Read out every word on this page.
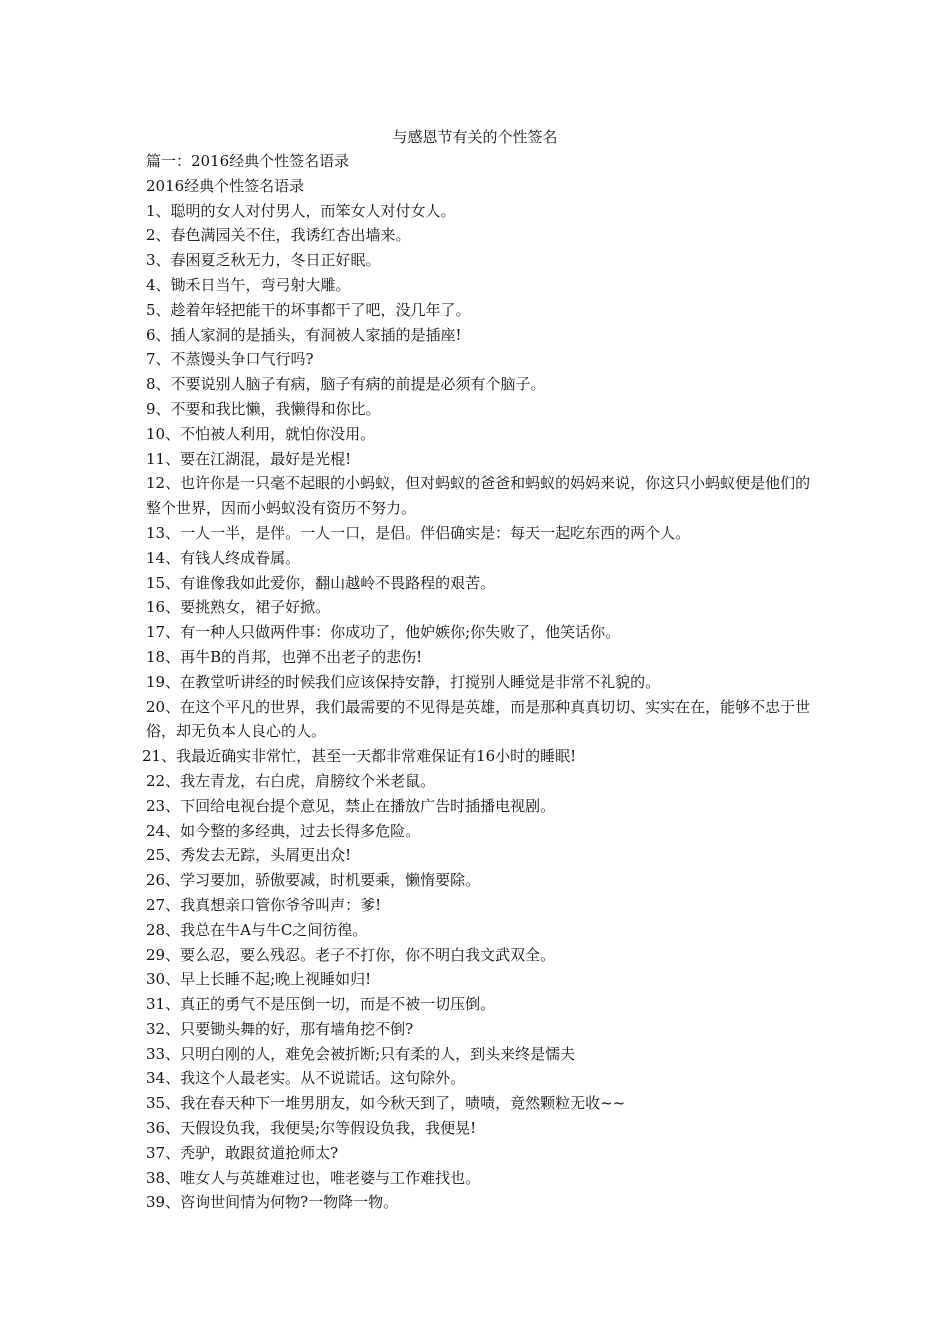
与感恩节有关的个性签名
篇一：2016经典个性签名语录
2016经典个性签名语录
1、聪明的女人对付男人，而笨女人对付女人。
2、春色满园关不住，我诱红杏出墙来。
3、春困夏乏秋无力，冬日正好眠。
4、锄禾日当午，弯弓射大雕。
5、趁着年轻把能干的坏事都干了吧，没几年了。
6、插人家洞的是插头，有洞被人家插的是插座!
7、不蒸馒头争口气行吗?
8、不要说别人脑子有病，脑子有病的前提是必须有个脑子。
9、不要和我比懒，我懒得和你比。
10、不怕被人利用，就怕你没用。
11、要在江湖混，最好是光棍!
12、也许你是一只毫不起眼的小蚂蚁，但对蚂蚁的爸爸和蚂蚁的妈妈来说，你这只小蚂蚁便是他们的整个世界，因而小蚂蚁没有资历不努力。
13、一人一半，是伴。一人一口，是侣。伴侣确实是：每天一起吃东西的两个人。
14、有钱人终成眷属。
15、有谁像我如此爱你，翻山越岭不畏路程的艰苦。
16、要挑熟女，裙子好掀。
17、有一种人只做两件事：你成功了，他妒嫉你;你失败了，他笑话你。
18、再牛B的肖邦，也弹不出老子的悲伤!
19、在教堂听讲经的时候我们应该保持安静，打搅别人睡觉是非常不礼貌的。
20、在这个平凡的世界，我们最需要的不见得是英雄，而是那种真真切切、实实在在，能够不忠于世俗，却无负本人良心的人。
21、我最近确实非常忙，甚至一天都非常难保证有16小时的睡眠!
22、我左青龙，右白虎，肩膀纹个米老鼠。
23、下回给电视台提个意见，禁止在播放广告时插播电视剧。
24、如今整的多经典，过去长得多危险。
25、秀发去无踪，头屑更出众!
26、学习要加，骄傲要减，时机要乘，懒惰要除。
27、我真想亲口管你爷爷叫声：爹!
28、我总在牛A与牛C之间彷徨。
29、要么忍，要么残忍。老子不打你，你不明白我文武双全。
30、早上长睡不起;晚上视睡如归!
31、真正的勇气不是压倒一切，而是不被一切压倒。
32、只要锄头舞的好，那有墙角挖不倒?
33、只明白刚的人，难免会被折断;只有柔的人，到头来终是懦夫
34、我这个人最老实。从不说谎话。这句除外。
35、我在春天种下一堆男朋友，如今秋天到了，啧啧，竟然颗粒无收~~
36、天假设负我，我便昊;尔等假设负我，我便晃!
37、秃驴，敢跟贫道抢师太?
38、唯女人与英雄难过也，唯老婆与工作难找也。
39、咨询世间情为何物?一物降一物。
